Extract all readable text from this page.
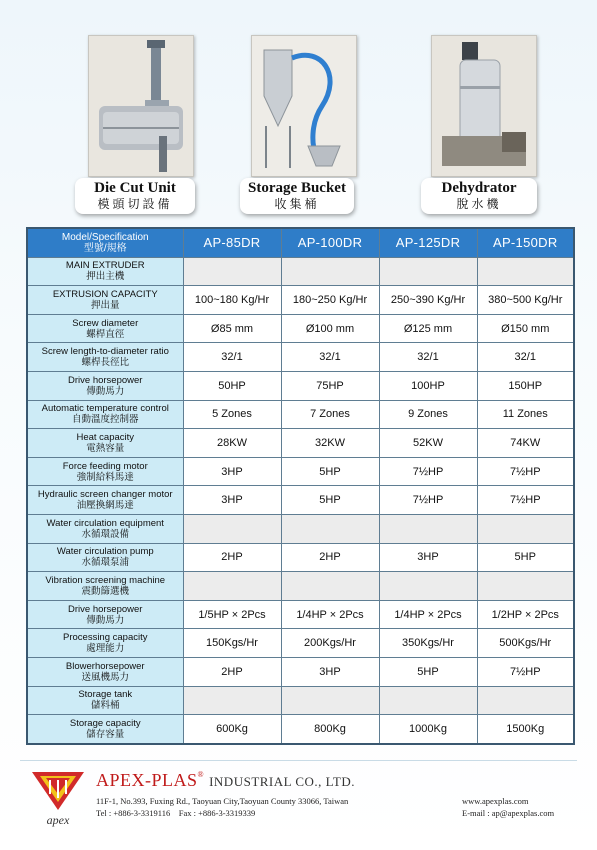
Die Cut Unit
模頭切設備
Storage Bucket
收集桶
Dehydrator
脫水機
Model/Specification
型號/規格	AP-85DR	AP-100DR	AP-125DR	AP-150DR

MAIN EXTRUDER
押出主機				

EXTRUSION CAPACITY
押出量	100~180 Kg/Hr	180~250 Kg/Hr	250~390 Kg/Hr	380~500 Kg/Hr

Screw diameter
螺桿直徑	Ø85 mm	Ø100 mm	Ø125 mm	Ø150 mm

Screw length-to-diameter ratio
螺桿長徑比	32/1	32/1	32/1	32/1

Drive horsepower
傳動馬力	50HP	75HP	100HP	150HP

Automatic temperature control
自動溫度控制器	5 Zones	7 Zones	9 Zones	11 Zones

Heat capacity
電熱容量	28KW	32KW	52KW	74KW

Force feeding motor
強制給料馬達	3HP	5HP	7½HP	7½HP

Hydraulic screen changer motor
油壓換網馬達	3HP	5HP	7½HP	7½HP

Water circulation equipment
水循環設備				

Water circulation pump
水循環泵浦	2HP	2HP	3HP	5HP

Vibration screening machine
震動篩選機				

Drive horsepower
傳動馬力	1/5HP × 2Pcs	1/4HP × 2Pcs	1/4HP × 2Pcs	1/2HP × 2Pcs

Processing capacity
處理能力	150Kgs/Hr	200Kgs/Hr	350Kgs/Hr	500Kgs/Hr

Blowerhorsepower
送風機馬力	2HP	3HP	5HP	7½HP

Storage tank
儲料桶				

Storage capacity
儲存容量	600Kg	800Kg	1000Kg	1500Kg
apex
APEX-PLAS® INDUSTRIAL CO., LTD.
11F-1, No.393, Fuxing Rd., Taoyuan City,Taoyuan County 33066, Taiwan
Tel : +886-3-3319116    Fax : +886-3-3319339
www.apexplas.com
E-mail : ap@apexplas.com
